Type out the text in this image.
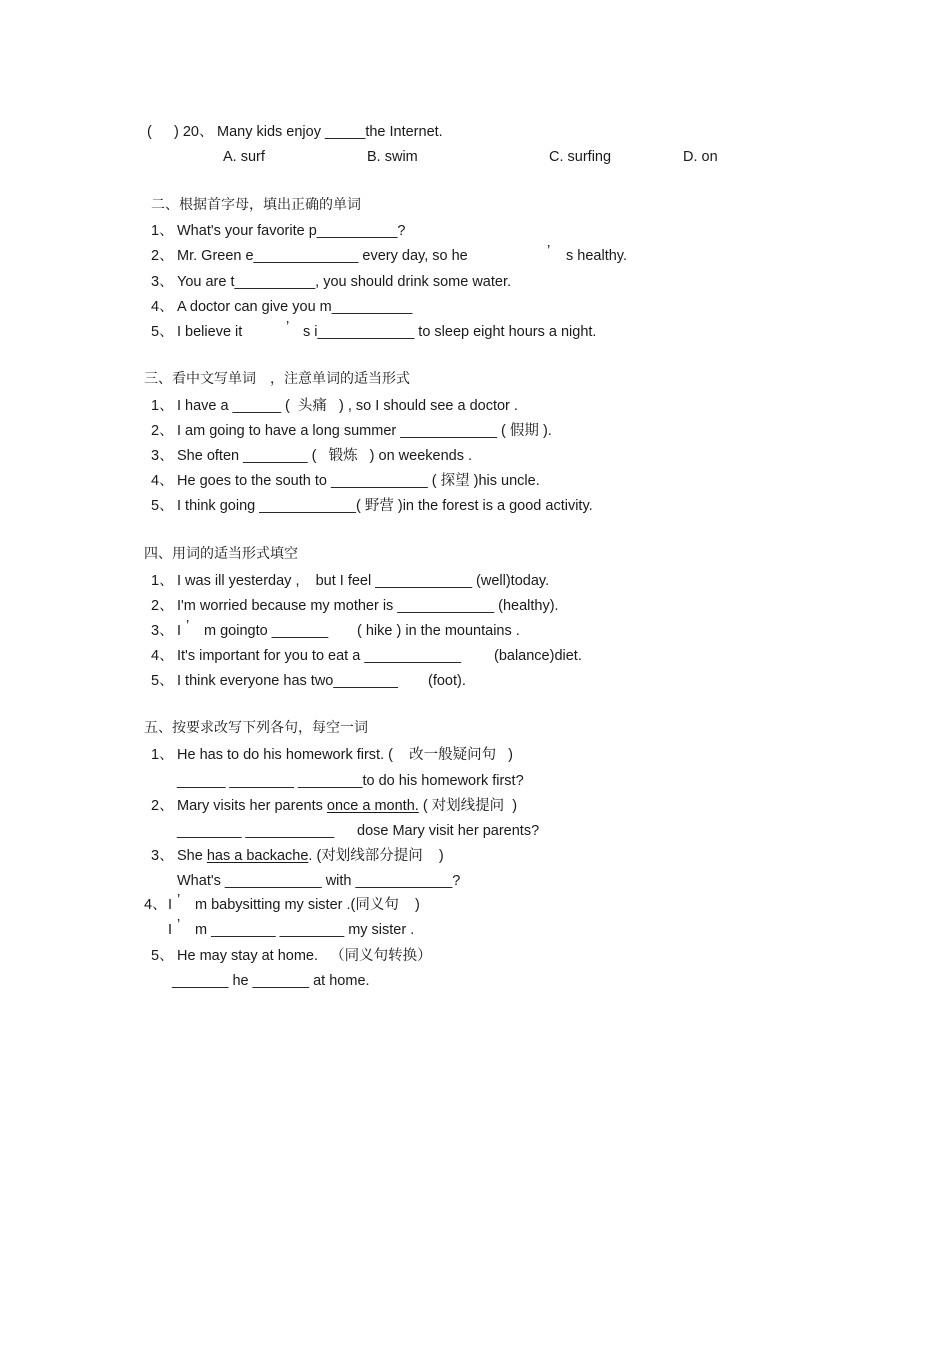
( ) 20、 Many kids enjoy _____the Internet.
A. surf	B. swim	C. surfing	D. on
二、根据首字母，填出正确的单词
1、 What's your favorite p__________?
2、 Mr. Green e_____________ every day, so he	’ s healthy.
3、 You are t__________, you should drink some water.
4、 A doctor can give you m__________
5、 I believe it	’ s i____________ to sleep eight hours a night.
三、看中文写单词　，注意单词的适当形式
1、 I have a ______ (  头痛   ) , so I should see a doctor .
2、 I am going to have a long summer ____________ ( 假期 ).
3、 She often ________ (   锻炼   ) on weekends .
4、 He goes to the south to ____________ ( 探望 )his uncle.
5、 I think going ____________( 野营 )in the forest is a good activity.
四、用词的适当形式填空
1、 I was ill yesterday ,    but I feel ____________ (well)today.
2、 I'm worried because my mother is ____________ (healthy).
3、 I ’ m goingto _______ ( hike ) in the mountains .
4、 It's important for you to eat a ____________ (balance)diet.
5、 I think everyone has two________ (foot).
五、按要求改写下列各句，每空一词
1、 He has to do his homework first. (    改一般疑问句   )
______ ________ ________to do his homework first?
2、 Mary visits her parents once a month. ( 对划线提问  )
________ ___________ dose Mary visit her parents?
3、 She has a backache. (对划线部分提问    )
What's ____________ with ____________?
4、 I ’ m babysitting my sister .(同义句    )
I ’ m ________ ________ my sister .
5、 He may stay at home.   （同义句转换）
_______ he _______ at home.
